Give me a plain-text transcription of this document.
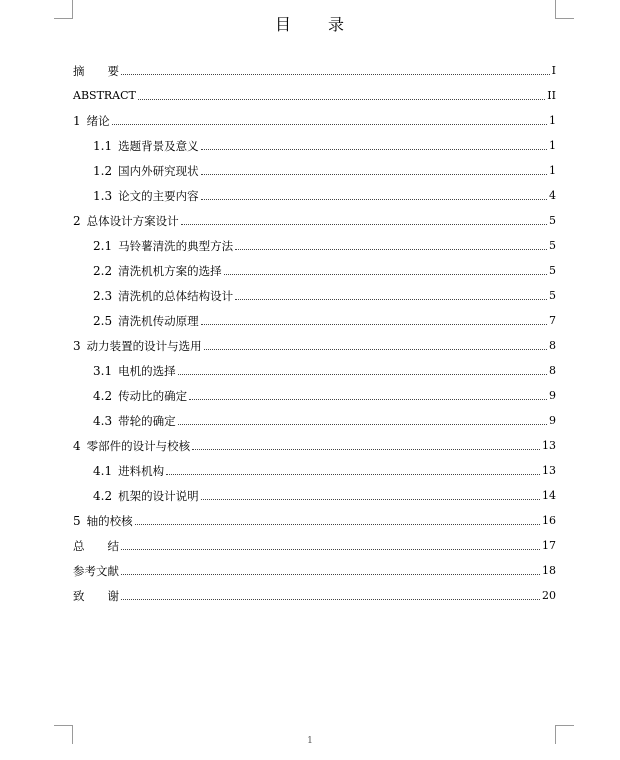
目 录
摘　　要	I
ABSTRACT	II
1 绪论	1
1.1 选题背景及意义	1
1.2 国内外研究现状	1
1.3 论文的主要内容	4
2 总体设计方案设计	5
2.1 马铃薯清洗的典型方法	5
2.2 清洗机机方案的选择	5
2.3 清洗机的总体结构设计	5
2.5 清洗机传动原理	7
3 动力装置的设计与选用	8
3.1 电机的选择	8
4.2 传动比的确定	9
4.3 带轮的确定	9
4 零部件的设计与校核	13
4.1 进料机构	13
4.2 机架的设计说明	14
5 轴的校核	16
总　　结	17
参考文献	18
致　　谢	20
1
